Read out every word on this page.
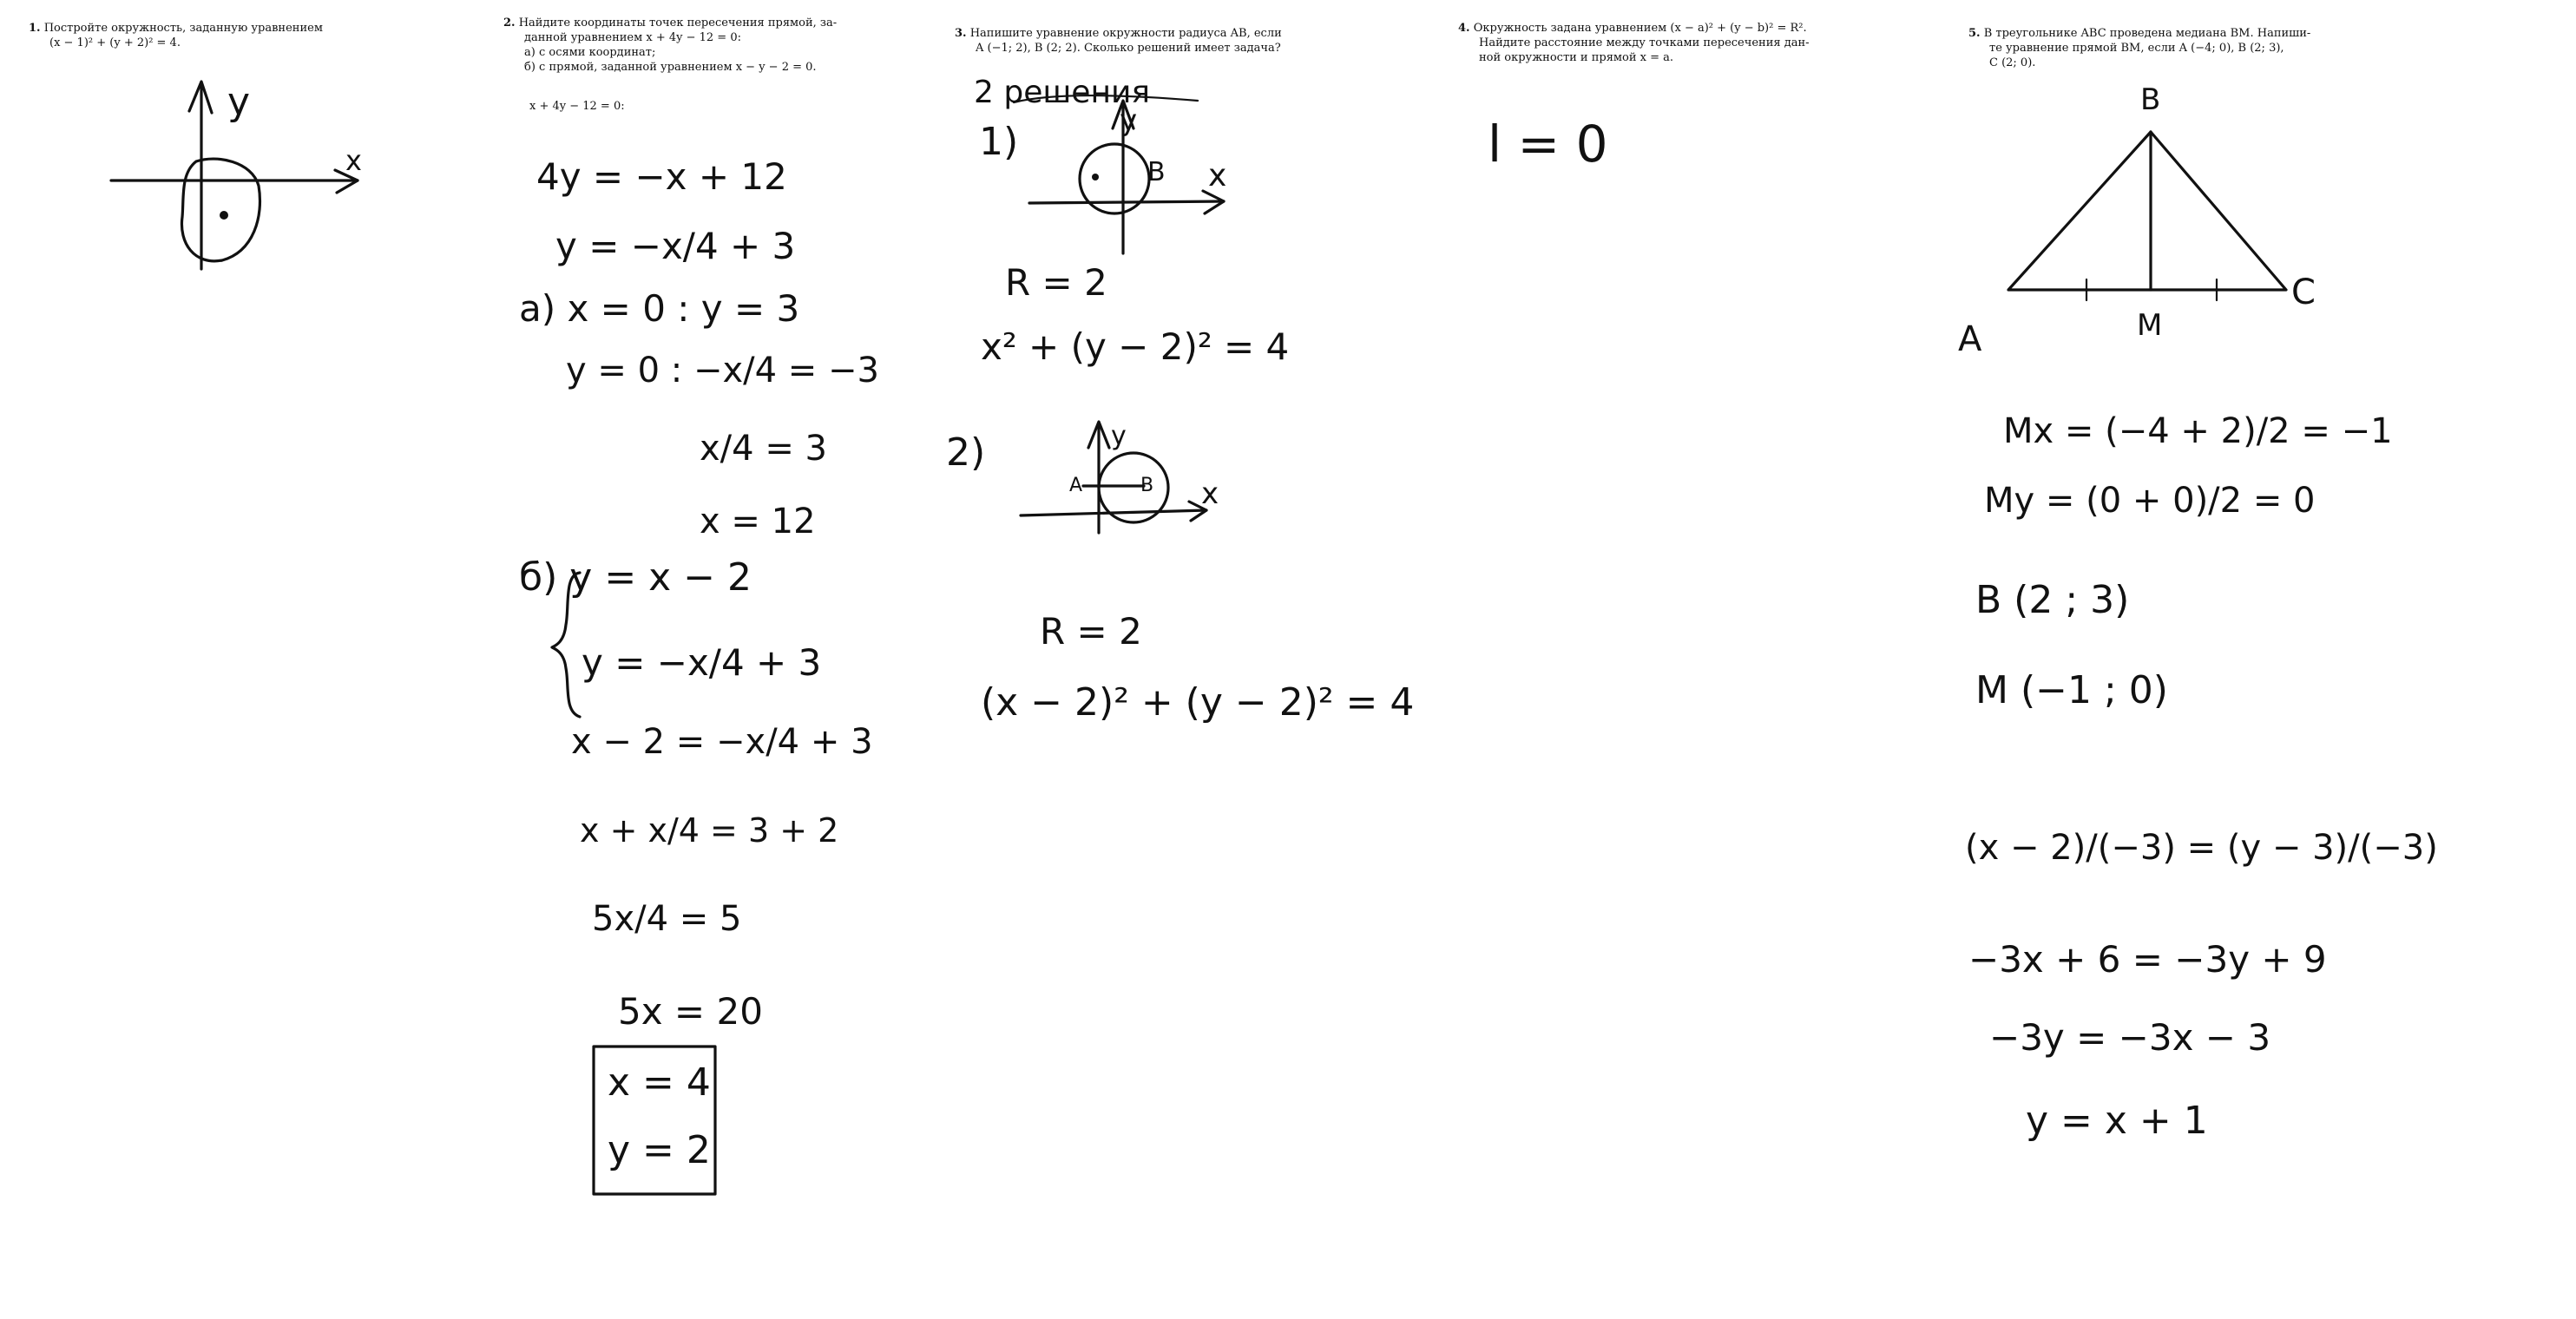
1. Постройте окружность, заданную уравнением
(x − 1)² + (y + 2)² = 4.
2. Найдите координаты точек пересечения прямой, за-
данной уравнением x + 4y − 12 = 0:
а) с осями координат;
б) с прямой, заданной уравнением x − y − 2 = 0.
x + 4y − 12 = 0:
3. Напишите уравнение окружности радиуса AB, если
A (−1; 2), B (2; 2). Сколько решений имеет задача?
4. Окружность задана уравнением (x − a)² + (y − b)² = R².
Найдите расстояние между точками пересечения дан-
ной окружности и прямой x = a.
5. В треугольнике ABC проведена медиана BM. Напиши-
те уравнение прямой BM, если A (−4; 0), B (2; 3),
C (2; 0).
y
x	4y = −x + 12
y = −x/4 + 3
а) x = 0 : y = 3
y = 0 : −x/4 = −3
x/4 = 3
x = 12
б) y = x − 2
y = −x/4 + 3
x − 2 = −x/4 + 3
x + x/4 = 3 + 2
5x/4 = 5
5x = 20
x = 4
y = 2
2 решения
1)	y
x
B
R = 2
x² + (y − 2)² = 4
2)	y
x
A	B
R = 2
(x − 2)² + (y − 2)² = 4
l = 0
B
A
C
M
Mx = (−4 + 2)/2 = −1
My = (0 + 0)/2 = 0
B (2 ; 3)
M (−1 ; 0)
(x − 2)/(−3) = (y − 3)/(−3)
−3x + 6 = −3y + 9
−3y = −3x − 3
y = x + 1
